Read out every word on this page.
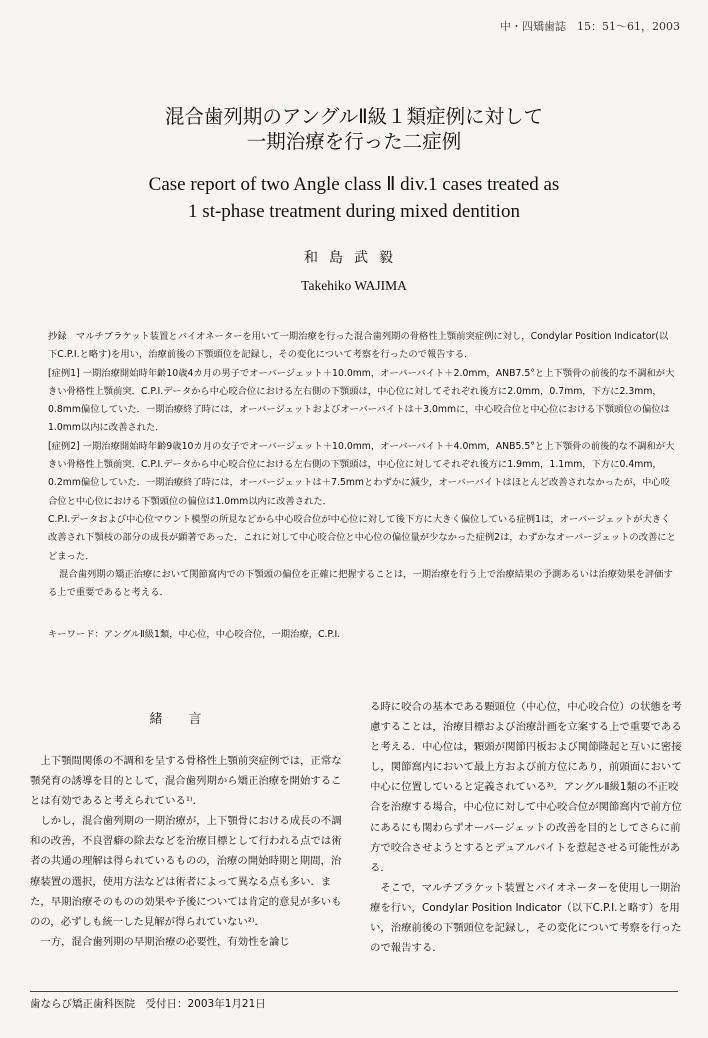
中・四矯歯誌　15：51～61，2003
混合歯列期のアングルⅡ級１類症例に対して
一期治療を行った二症例
Case report of two Angle class Ⅱ div.1 cases treated as
1 st-phase treatment during mixed dentition
和島武毅
Takehiko WAJIMA

抄録　マルチブラケット装置とバイオネーターを用いて一期治療を行った混合歯列期の骨格性上顎前突症例に対し，Condylar Position Indicator(以下C.P.I.と略す)を用い，治療前後の下顎頭位を記録し，その変化について考察を行ったので報告する．

[症例1] 一期治療開始時年齢10歳4カ月の男子でオーバージェット＋10.0mm，オーバーバイト＋2.0mm，ANB7.5°と上下顎骨の前後的な不調和が大きい骨格性上顎前突．C.P.I.データから中心咬合位における左右側の下顎頭は，中心位に対してそれぞれ後方に2.0mm，0.7mm，下方に2.3mm，0.8mm偏位していた．一期治療終了時には，オーバージェットおよびオーバーバイトは＋3.0mmに，中心咬合位と中心位における下顎頭位の偏位は1.0mm以内に改善された．

[症例2] 一期治療開始時年齢9歳10カ月の女子でオーバージェット＋10.0mm，オーバーバイト＋4.0mm，ANB5.5°と上下顎骨の前後的な不調和が大きい骨格性上顎前突．C.P.I.データから中心咬合位における左右側の下顎頭は，中心位に対してそれぞれ後方に1.9mm，1.1mm，下方に0.4mm，0.2mm偏位していた．一期治療終了時には，オーバージェットは＋7.5mmとわずかに減少，オーバーバイトはほとんど改善されなかったが，中心咬合位と中心位における下顎頭位の偏位は1.0mm以内に改善された．

C.P.I.データおよび中心位マウント模型の所見などから中心咬合位が中心位に対して後下方に大きく偏位している症例1は，オーバージェットが大きく改善され下顎枝の部分の成長が顕著であった．これに対して中心咬合位と中心位の偏位量が少なかった症例2は，わずかなオーバージェットの改善にとどまった．

混合歯列期の矯正治療において関節窩内での下顎頭の偏位を正確に把握することは，一期治療を行う上で治療結果の予測あるいは治療効果を評価する上で重要であると考える．

キーワード：アングルⅡ級1類，中心位，中心咬合位，一期治療，C.P.I.
緒言

上下顎間関係の不調和を呈する骨格性上顎前突症例では，正常な顎発育の誘導を目的として，混合歯列期から矯正治療を開始することは有効であると考えられている¹⁾．

しかし，混合歯列期の一期治療が，上下顎骨における成長の不調和の改善，不良習癖の除去などを治療目標として行われる点では術者の共通の理解は得られているものの，治療の開始時期と期間，治療装置の選択，使用方法などは術者によって異なる点も多い．また，早期治療そのものの効果や予後については肯定的意見が多いものの，必ずしも統一した見解が得られていない²⁾．

一方，混合歯列期の早期治療の必要性，有効性を論じ

る時に咬合の基本である顆頭位（中心位，中心咬合位）の状態を考慮することは，治療目標および治療計画を立案する上で重要であると考える．中心位は，顆頭が関節円板および関節隆起と互いに密接し，関節窩内において最上方および前方位にあり，前頭面において中心に位置していると定義されている³⁾．アングルⅡ級1類の不正咬合を治療する場合，中心位に対して中心咬合位が関節窩内で前方位にあるにも関わらずオーバージェットの改善を目的としてさらに前方で咬合させようとするとデュアルバイトを惹起させる可能性がある．

そこで，マルチブラケット装置とバイオネーターを使用し一期治療を行い，Condylar Position Indicator（以下C.P.I.と略す）を用い，治療前後の下顎頭位を記録し，その変化について考察を行ったので報告する．

歯ならび矯正歯科医院　受付日：2003年1月21日
